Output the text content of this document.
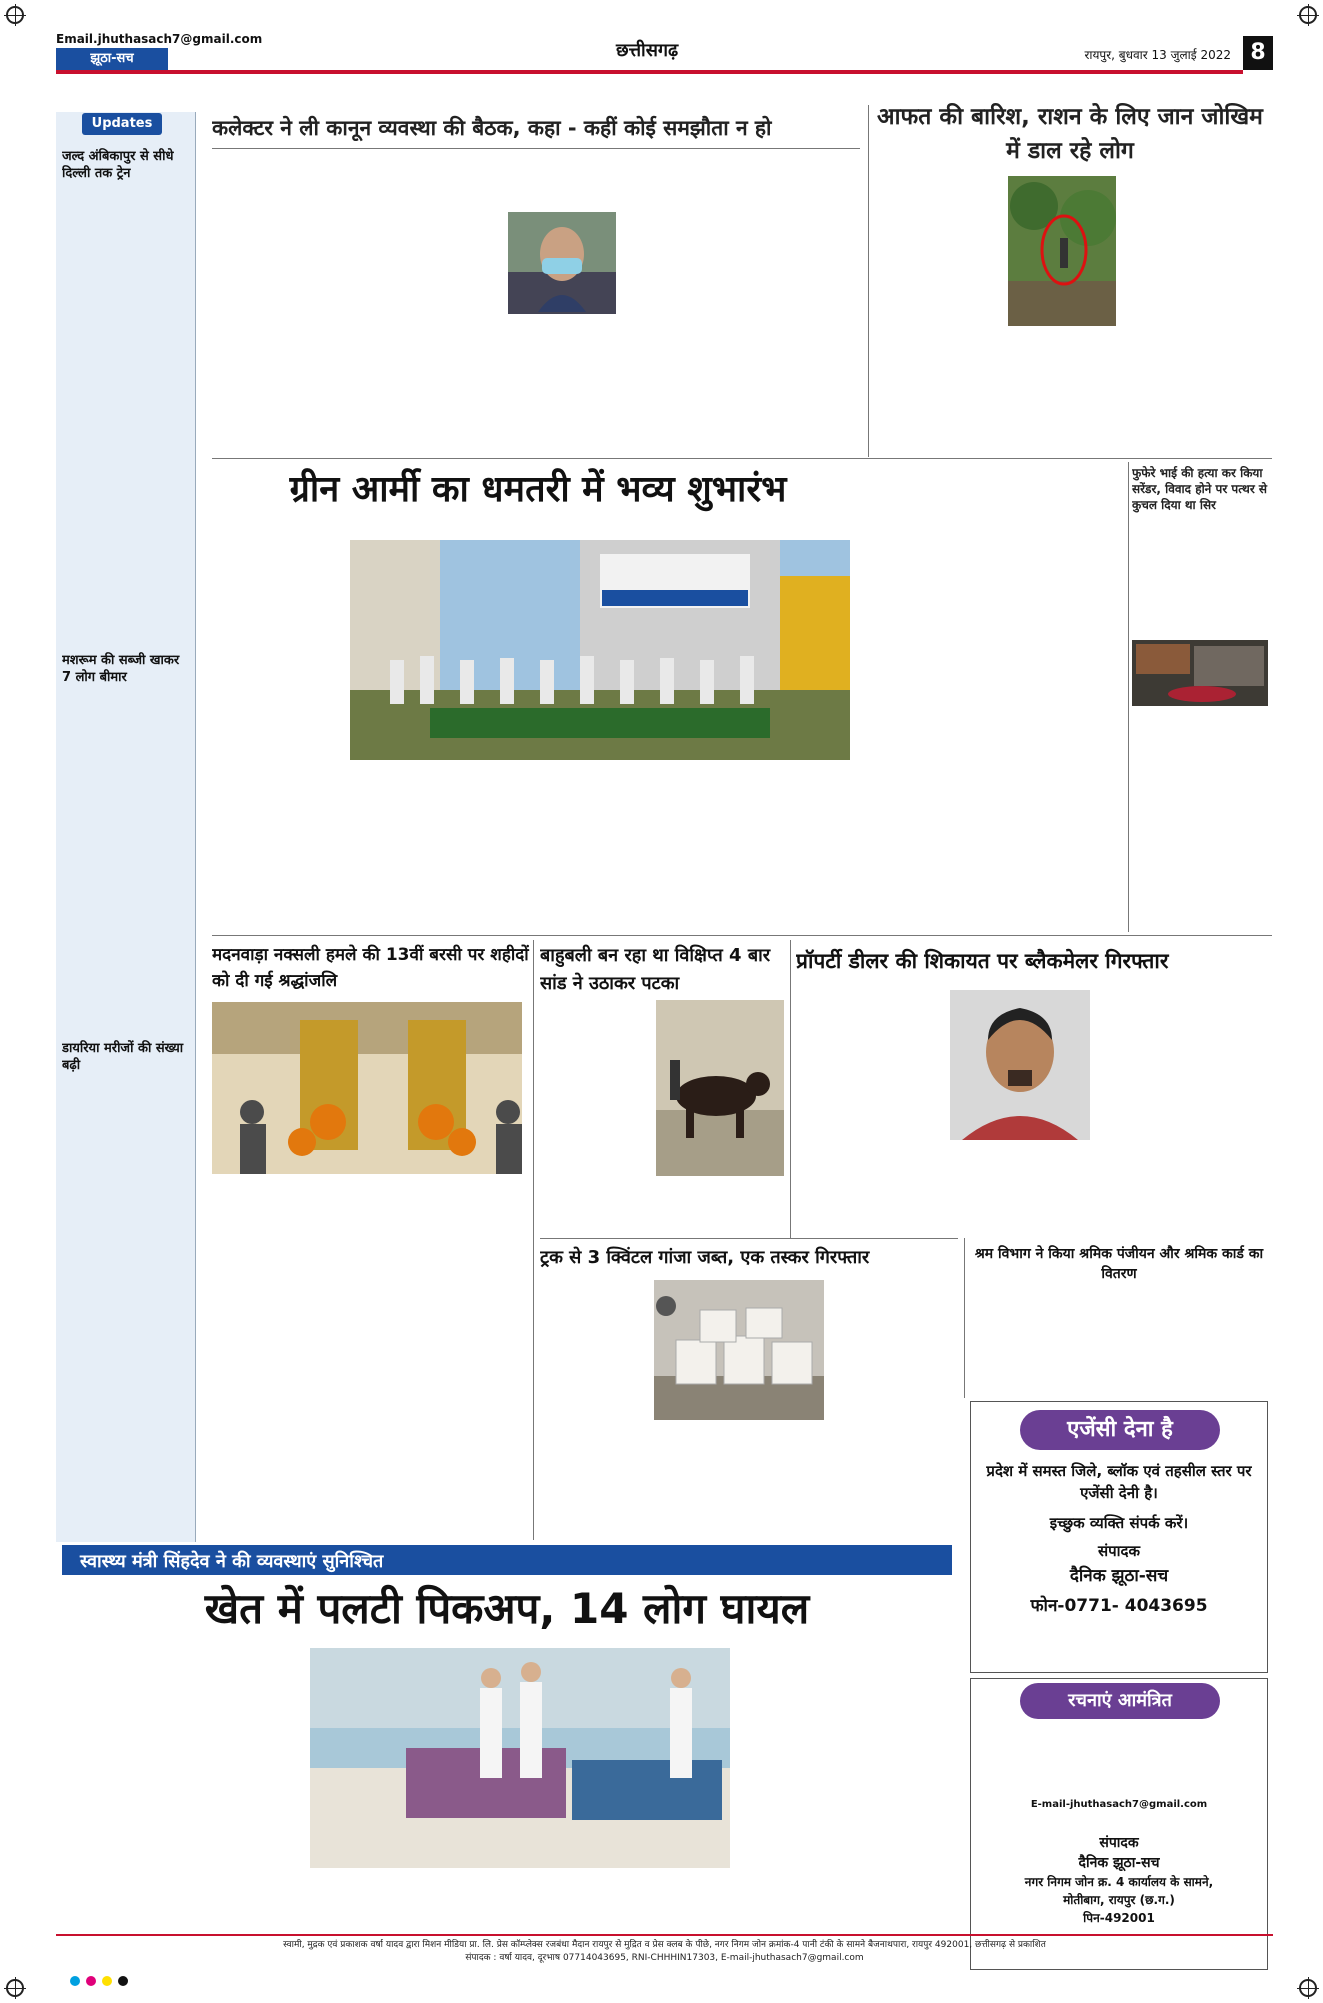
Email.jhuthasach7@gmail.com
झूठा-सच	छत्तीसगढ़	रायपुर, बुधवार 13 जुलाई 2022 8
Updates
जल्द अंबिकापुर से सीधे दिल्ली तक ट्रेन
मशरूम की सब्जी खाकर 7 लोग बीमार
डायरिया मरीजों की संख्या बढ़ी
कलेक्टर ने ली कानून व्यवस्था की बैठक, कहा - कहीं कोई समझौता न हो	आफत की बारिश, राशन के लिए जान जोखिम में डाल रहे लोग
ग्रीन आर्मी का धमतरी में भव्य शुभारंभ	फुफेरे भाई की हत्या कर किया सरेंडर, विवाद होने पर पत्थर से कुचल दिया था सिर
मदनवाड़ा नक्सली हमले की 13वीं बरसी पर शहीदों को दी गई श्रद्धांजलि
बाहुबली बन रहा था विक्षिप्त 4 बार सांड ने उठाकर पटका
प्रॉपर्टी डीलर की शिकायत पर ब्लैकमेलर गिरफ्तार
ट्रक से 3 क्विंटल गांजा जब्त, एक तस्कर गिरफ्तार	श्रम विभाग ने किया श्रमिक पंजीयन और श्रमिक कार्ड का वितरण
एजेंसी देना है
प्रदेश में समस्त जिले, ब्लॉक एवं तहसील स्तर पर एजेंसी देनी है।
इच्छुक व्यक्ति संपर्क करें।
संपादक
दैनिक झूठा-सच
फोन-0771- 4043695
रचनाएं आमंत्रित
E-mail-jhuthasach7@gmail.com
संपादक
दैनिक झूठा-सच
नगर निगम जोन क्र. 4 कार्यालय के सामने,
मोतीबाग, रायपुर (छ.ग.)
पिन-492001
स्वास्थ्य मंत्री सिंहदेव ने की व्यवस्थाएं सुनिश्चित
खेत में पलटी पिकअप, 14 लोग घायल
स्वामी, मुद्रक एवं प्रकाशक वर्षा यादव द्वारा मिशन मीडिया प्रा. लि. प्रेस कॉम्प्लेक्स रजबंधा मैदान रायपुर से मुद्रित व प्रेस क्लब के पीछे, नगर निगम जोन क्रमांक-4 पानी टंकी के सामने बैजनाथपारा, रायपुर 492001, छत्तीसगढ़ से प्रकाशित
संपादक : वर्षा यादव, दूरभाष 07714043695, RNI-CHHHIN17303, E-mail-jhuthasach7@gmail.com
